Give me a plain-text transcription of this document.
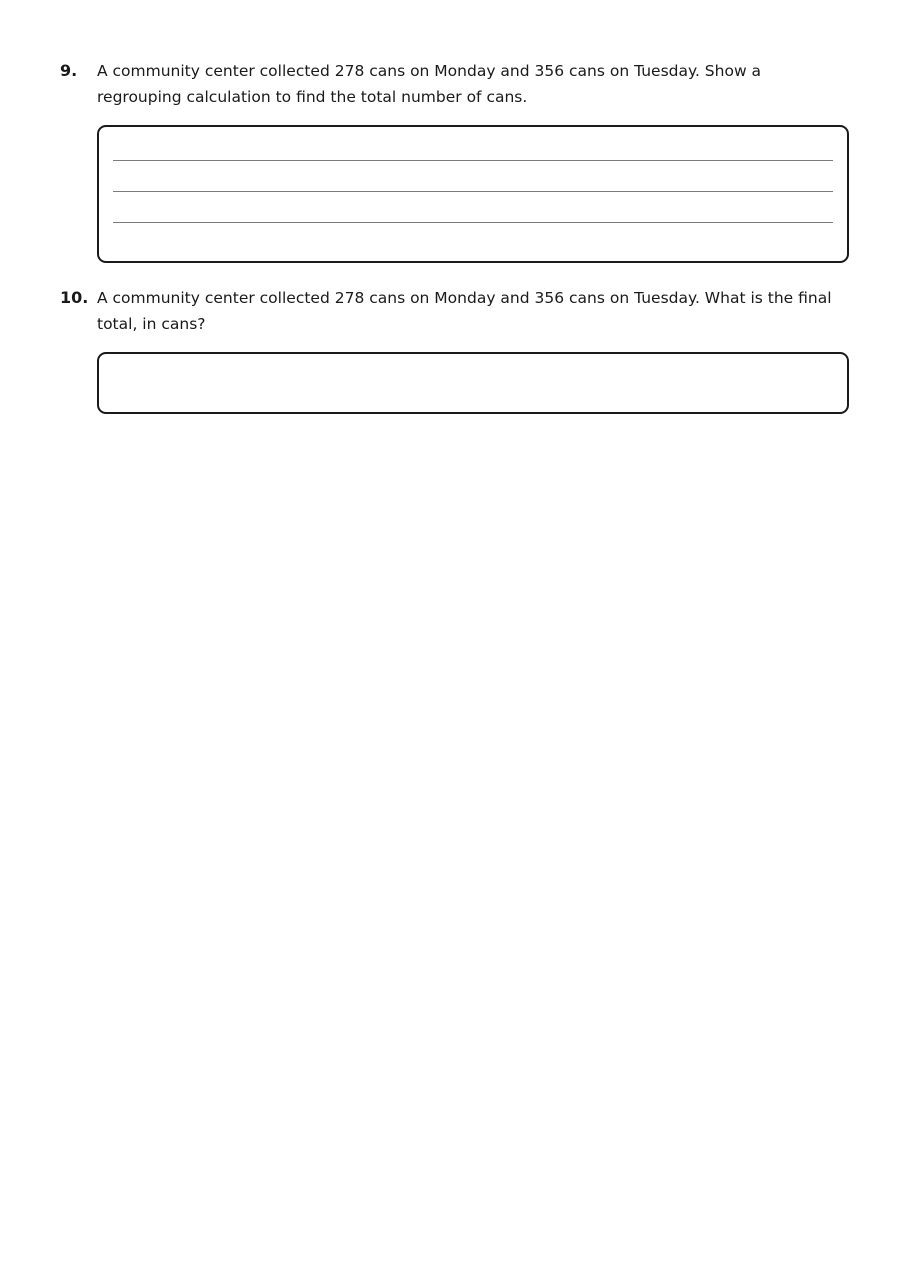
9.	A community center collected 278 cans on Monday and 356 cans on Tuesday. Show a regrouping calculation to find the total number of cans.
10. A community center collected 278 cans on Monday and 356 cans on Tuesday. What is the final total, in cans?
